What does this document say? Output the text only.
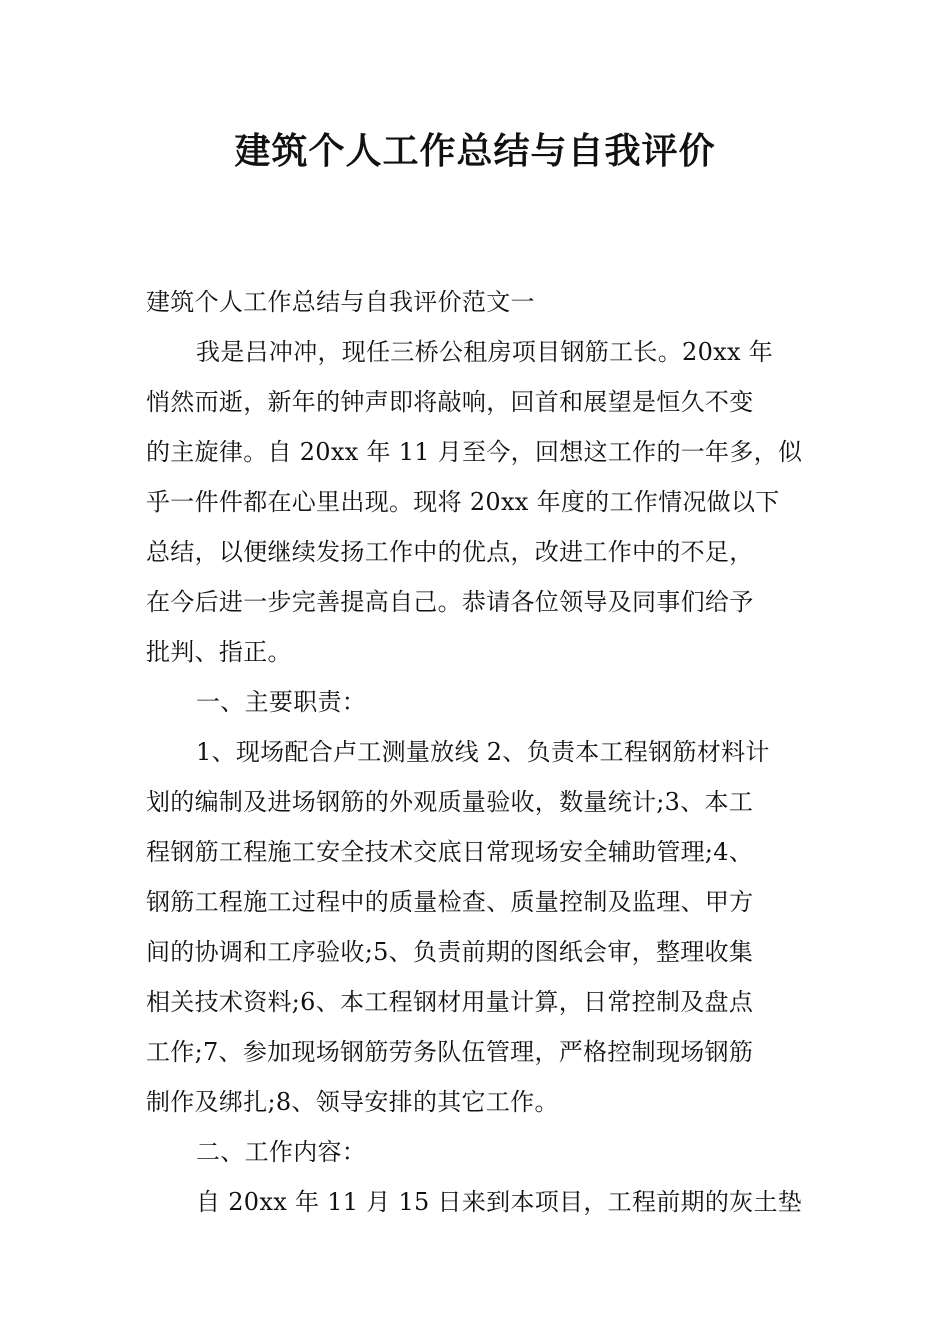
建筑个人工作总结与自我评价
建筑个人工作总结与自我评价范文一
我是吕冲冲，现任三桥公租房项目钢筋工长。20xx 年
悄然而逝，新年的钟声即将敲响，回首和展望是恒久不变
的主旋律。自 20xx 年 11 月至今，回想这工作的一年多，似
乎一件件都在心里出现。现将 20xx 年度的工作情况做以下
总结，以便继续发扬工作中的优点，改进工作中的不足，
在今后进一步完善提高自己。恭请各位领导及同事们给予
批判、指正。
一、主要职责：
1、现场配合卢工测量放线 2、负责本工程钢筋材料计
划的编制及进场钢筋的外观质量验收，数量统计;3、本工
程钢筋工程施工安全技术交底日常现场安全辅助管理;4、
钢筋工程施工过程中的质量检查、质量控制及监理、甲方
间的协调和工序验收;5、负责前期的图纸会审，整理收集
相关技术资料;6、本工程钢材用量计算，日常控制及盘点
工作;7、参加现场钢筋劳务队伍管理，严格控制现场钢筋
制作及绑扎;8、领导安排的其它工作。
二、工作内容：
自 20xx 年 11 月 15 日来到本项目，工程前期的灰土垫
